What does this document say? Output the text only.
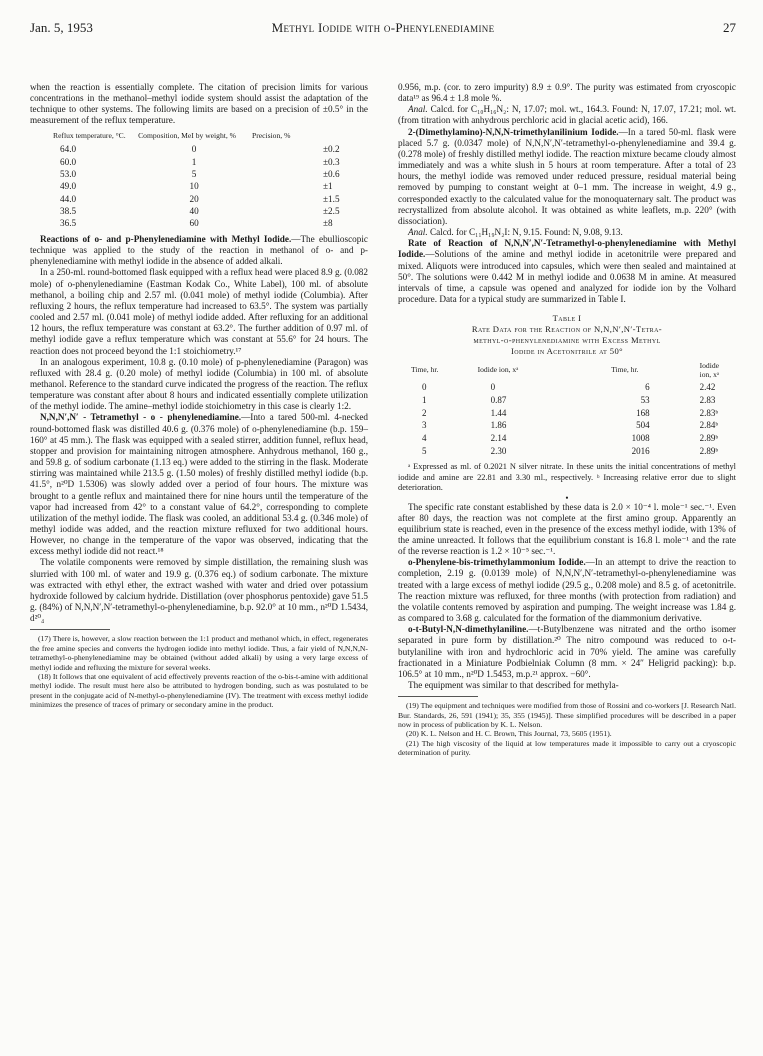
Jan. 5, 1953	Methyl Iodide with o-Phenylenediamine	27

when the reaction is essentially complete. The citation of precision limits for various concentrations in the methanol–methyl iodide system should assist the adaptation of the technique to other systems. The following limits are based on a precision of ±0.5° in the measurement of the reflux temperature.

Reflux temperature, °C.	Composition, MeI by weight, %	Precision, %
64.0	0	±0.2
60.0	1	±0.3
53.0	5	±0.6
49.0	10	±1
44.0	20	±1.5
38.5	40	±2.5
36.5	60	±8

Reactions of o- and p-Phenylenediamine with Methyl Iodide.—The ebullioscopic technique was applied to the study of the reaction in methanol of o- and p-phenylenediamine with methyl iodide in the absence of added alkali.

In a 250-ml. round-bottomed flask equipped with a reflux head were placed 8.9 g. (0.082 mole) of o-phenylenediamine (Eastman Kodak Co., White Label), 100 ml. of absolute methanol, a boiling chip and 2.57 ml. (0.041 mole) of methyl iodide (Columbia). After refluxing 2 hours, the reflux temperature had increased to 63.5°. The system was partially cooled and 2.57 ml. (0.041 mole) of methyl iodide added. After refluxing for an additional 12 hours, the reflux temperature was constant at 63.2°. The further addition of 0.97 ml. of methyl iodide gave a reflux temperature which was constant at 55.6° for 24 hours. The reaction does not proceed beyond the 1:1 stoichiometry.¹⁷

In an analogous experiment, 10.8 g. (0.10 mole) of p-phenylenediamine (Paragon) was refluxed with 28.4 g. (0.20 mole) of methyl iodide (Columbia) in 100 ml. of absolute methanol. Reference to the standard curve indicated the progress of the reaction. The reflux temperature was constant after about 8 hours and indicated essentially complete utilization of the methyl iodide. The amine–methyl iodide stoichiometry in this case is clearly 1:2.

N,N,N′,N′ - Tetramethyl - o - phenylenediamine.—Into a tared 500-ml. 4-necked round-bottomed flask was distilled 40.6 g. (0.376 mole) of o-phenylenediamine (b.p. 159–160° at 45 mm.). The flask was equipped with a sealed stirrer, addition funnel, reflux head, stopper and provision for maintaining nitrogen atmosphere. Anhydrous methanol, 160 g., and 59.8 g. of sodium carbonate (1.13 eq.) were added to the stirring in the flask. Moderate stirring was maintained while 213.5 g. (1.50 moles) of freshly distilled methyl iodide (b.p. 41.5°, n²⁰D 1.5306) was slowly added over a period of four hours. The mixture was brought to a gentle reflux and maintained there for nine hours until the temperature of the vapor had increased from 42° to a constant value of 64.2°, corresponding to complete utilization of the methyl iodide. The flask was cooled, an additional 53.4 g. (0.346 mole) of methyl iodide was added, and the reaction mixture refluxed for two additional hours. However, no change in the temperature of the vapor was observed, indicating that the excess methyl iodide did not react.¹⁸

The volatile components were removed by simple distillation, the remaining slush was slurried with 100 ml. of water and 19.9 g. (0.376 eq.) of sodium carbonate. The mixture was extracted with ethyl ether, the extract washed with water and dried over potassium hydroxide followed by calcium hydride. Distillation (over phosphorus pentoxide) gave 51.5 g. (84%) of N,N,N′,N′-tetramethyl-o-phenylenediamine, b.p. 92.0° at 10 mm., n²⁰D 1.5434, d²⁰₄

(17) There is, however, a slow reaction between the 1:1 product and methanol which, in effect, regenerates the free amine species and converts the hydrogen iodide into methyl iodide. Thus, a fair yield of N,N,N,N-tetramethyl-o-phenylenediamine may be obtained (without added alkali) by using a very large excess of methyl iodide and refluxing the mixture for several weeks.

(18) It follows that one equivalent of acid effectively prevents reaction of the o-bis-t-amine with additional methyl iodide. The result must here also be attributed to hydrogen bonding, such as was postulated to be present in the conjugate acid of N-methyl-o-phenylenediamine (IV). The treatment with excess methyl iodide minimizes the presence of traces of primary or secondary amine in the product.

0.956, m.p. (cor. to zero impurity) 8.9 ± 0.9°. The purity was estimated from cryoscopic data¹⁹ as 96.4 ± 1.8 mole %.

Anal. Calcd. for C₁₀H₁₆N₂: N, 17.07; mol. wt., 164.3. Found: N, 17.07, 17.21; mol. wt. (from titration with anhydrous perchloric acid in glacial acetic acid), 166.

2-(Dimethylamino)-N,N,N-trimethylanilinium Iodide.—In a tared 50-ml. flask were placed 5.7 g. (0.0347 mole) of N,N,N′,N′-tetramethyl-o-phenylenediamine and 39.4 g. (0.278 mole) of freshly distilled methyl iodide. The reaction mixture became cloudy almost immediately and was a white slush in 5 hours at room temperature. After a total of 23 hours, the methyl iodide was removed under reduced pressure, residual material being removed by pumping to constant weight at 0–1 mm. The increase in weight, 4.9 g., corresponded exactly to the calculated value for the monoquaternary salt. The product was recrystallized from absolute alcohol. It was obtained as white leaflets, m.p. 220° (with dissociation).

Anal. Calcd. for C₁₁H₁₉N₂I: N, 9.15. Found: N, 9.08, 9.13.

Rate of Reaction of N,N,N′,N′-Tetramethyl-o-phenylenediamine with Methyl Iodide.—Solutions of the amine and methyl iodide in acetonitrile were prepared and mixed. Aliquots were introduced into capsules, which were then sealed and maintained at 50°. The solutions were 0.442 M in methyl iodide and 0.0638 M in amine. At measured intervals of time, a capsule was opened and analyzed for iodide ion by the Volhard procedure. Data for a typical study are summarized in Table I.

Table I
Rate Data for the Reaction of N,N,N′,N′-Tetra-
methyl-o-phenylenediamine with Excess Methyl
Iodide in Acetonitrile at 50°
Time, hr.	Iodide ion, xᵃ	Time, hr.	Iodide ion, xᵃ
0	0	6	2.42
1	0.87	53	2.83
2	1.44	168	2.83ᵇ
3	1.86	504	2.84ᵇ
4	2.14	1008	2.89ᵇ
5	2.30	2016	2.89ᵇ

ᵃ Expressed as ml. of 0.2021 N silver nitrate. In these units the initial concentrations of methyl iodide and amine are 22.81 and 3.30 ml., respectively. ᵇ Increasing relative error due to slight deterioration.

•

The specific rate constant established by these data is 2.0 × 10⁻⁴ l. mole⁻¹ sec.⁻¹. Even after 80 days, the reaction was not complete at the first amino group. Apparently an equilibrium state is reached, even in the presence of the excess methyl iodide, with 13% of the amine unreacted. It follows that the equilibrium constant is 16.8 l. mole⁻¹ and the rate of the reverse reaction is 1.2 × 10⁻⁵ sec.⁻¹.

o-Phenylene-bis-trimethylammonium Iodide.—In an attempt to drive the reaction to completion, 2.19 g. (0.0139 mole) of N,N,N′,N′-tetramethyl-o-phenylenediamine was treated with a large excess of methyl iodide (29.5 g., 0.208 mole) and 8.5 g. of acetonitrile. The reaction mixture was refluxed, for three months (with protection from radiation) and the volatile contents removed by aspiration and pumping. The weight increase was 1.84 g. as compared to 3.68 g. calculated for the formation of the diammonium derivative.

o-t-Butyl-N,N-dimethylaniline.—t-Butylbenzene was nitrated and the ortho isomer separated in pure form by distillation.²⁰ The nitro compound was reduced to o-t-butylaniline with iron and hydrochloric acid in 70% yield. The amine was carefully fractionated in a Miniature Podbielniak Column (8 mm. × 24″ Heligrid packing): b.p. 106.5° at 10 mm., n²⁰D 1.5453, m.p.²¹ approx. −60°.

The equipment was similar to that described for methyla-

(19) The equipment and techniques were modified from those of Rossini and co-workers [J. Research Natl. Bur. Standards, 26, 591 (1941); 35, 355 (1945)]. These simplified procedures will be described in a paper now in process of publication by K. L. Nelson.

(20) K. L. Nelson and H. C. Brown, This Journal, 73, 5605 (1951).

(21) The high viscosity of the liquid at low temperatures made it impossible to carry out a cryoscopic determination of purity.
